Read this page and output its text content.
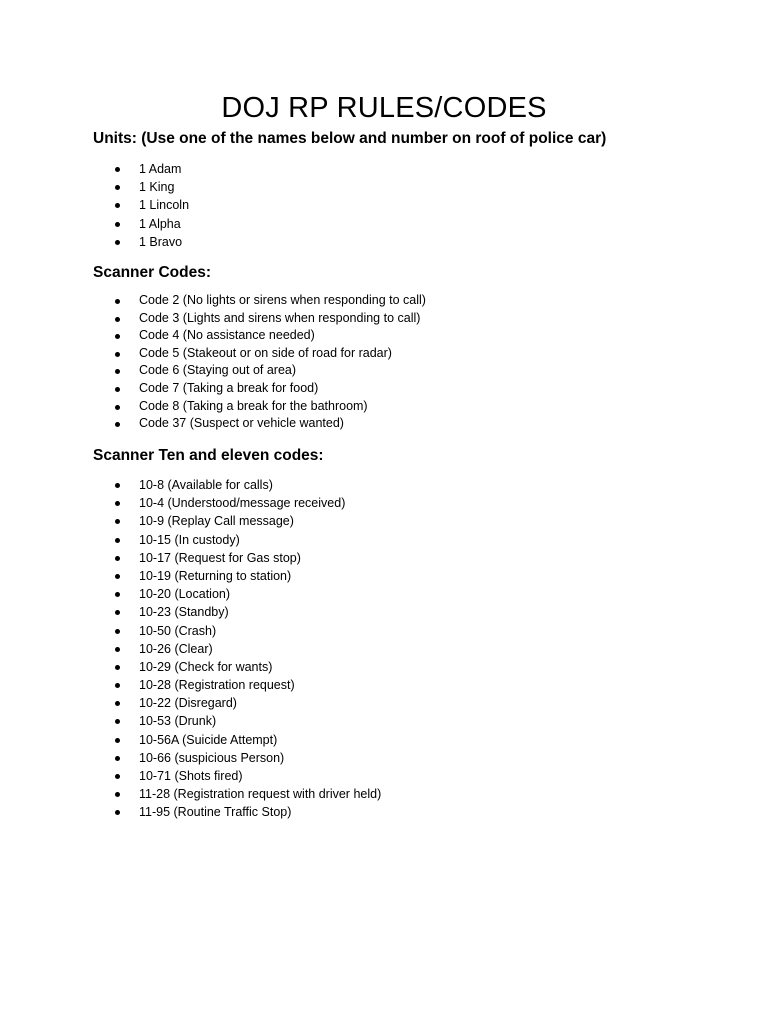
DOJ RP RULES/CODES
Units: (Use one of the names below and number on roof of police car)
1 Adam
1 King
1 Lincoln
1 Alpha
1 Bravo
Scanner Codes:
Code 2 (No lights or sirens when responding to call)
Code 3 (Lights and sirens when responding to call)
Code 4 (No assistance needed)
Code 5 (Stakeout or on side of road for radar)
Code 6 (Staying out of area)
Code 7 (Taking a break for food)
Code 8 (Taking a break for the bathroom)
Code 37 (Suspect or vehicle wanted)
Scanner Ten and eleven codes:
10-8 (Available for calls)
10-4 (Understood/message received)
10-9 (Replay Call message)
10-15 (In custody)
10-17 (Request for Gas stop)
10-19 (Returning to station)
10-20 (Location)
10-23 (Standby)
10-50 (Crash)
10-26 (Clear)
10-29 (Check for wants)
10-28 (Registration request)
10-22 (Disregard)
10-53 (Drunk)
10-56A (Suicide Attempt)
10-66 (suspicious Person)
10-71 (Shots fired)
11-28 (Registration request with driver held)
11-95 (Routine Traffic Stop)
